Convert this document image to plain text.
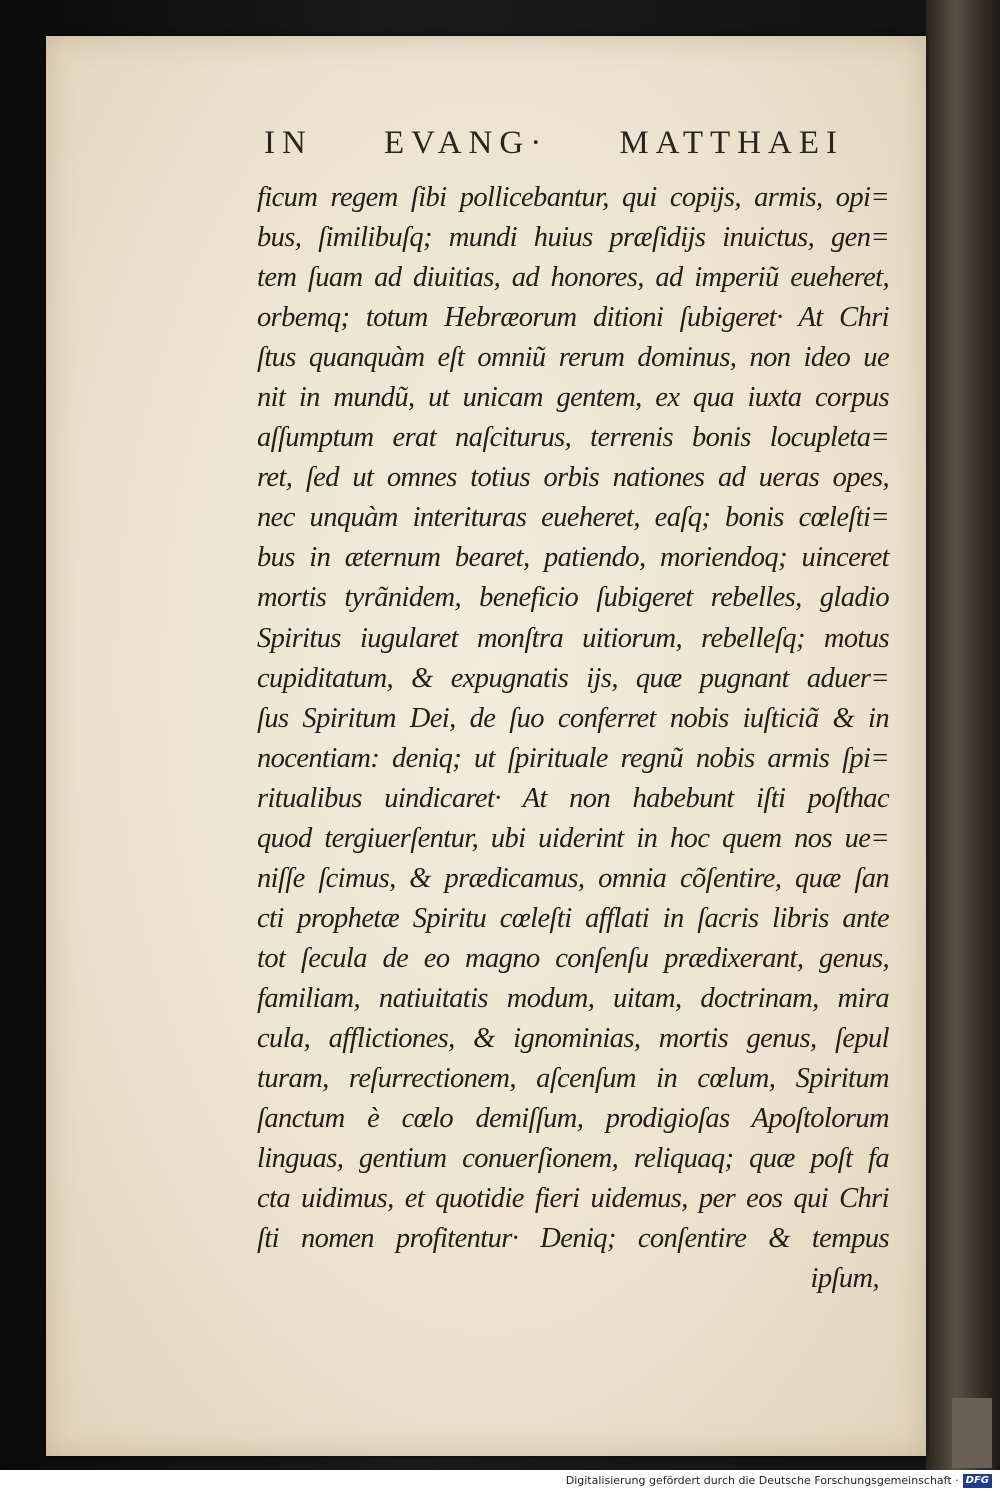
IN EVANG· MATTHAEI
ficum regem ſibi pollicebantur, qui copijs, armis, opi=
bus, ſimilibuſq; mundi huius præſidijs inuictus, gen=
tem ſuam ad diuitias, ad honores, ad imperiũ eueheret,
orbemq; totum Hebræorum ditioni ſubigeret· At Chri
ſtus quanquàm eſt omniũ rerum dominus, non ideo ue
nit in mundũ, ut unicam gentem, ex qua iuxta corpus
aſſumptum erat naſciturus, terrenis bonis locupleta=
ret, ſed ut omnes totius orbis nationes ad ueras opes,
nec unquàm interituras eueheret, eaſq; bonis cœleſti=
bus in æternum bearet, patiendo, moriendoq; uinceret
mortis tyrãnidem, beneficio ſubigeret rebelles, gladio
Spiritus iugularet monſtra uitiorum, rebelleſq; motus
cupiditatum, & expugnatis ijs, quæ pugnant aduer=
ſus Spiritum Dei, de ſuo conferret nobis iuſticiã & in
nocentiam: deniq; ut ſpirituale regnũ nobis armis ſpi=
ritualibus uindicaret· At non habebunt iſti poſthac
quod tergiuerſentur, ubi uiderint in hoc quem nos ue=
niſſe ſcimus, & prædicamus, omnia cõſentire, quæ ſan
cti prophetæ Spiritu cœleſti afflati in ſacris libris ante
tot ſecula de eo magno conſenſu prædixerant, genus,
familiam, natiuitatis modum, uitam, doctrinam, mira
cula, afflictiones, & ignominias, mortis genus, ſepul
turam, reſurrectionem, aſcenſum in cœlum, Spiritum
ſanctum è cœlo demiſſum, prodigioſas Apoſtolorum
linguas, gentium conuerſionem, reliquaq; quæ poſt fa
cta uidimus, et quotidie fieri uidemus, per eos qui Chri
ſti nomen profitentur· Deniq; conſentire & tempus
ipſum,
Digitalisierung gefördert durch die Deutsche Forschungsgemeinschaft · DFG
